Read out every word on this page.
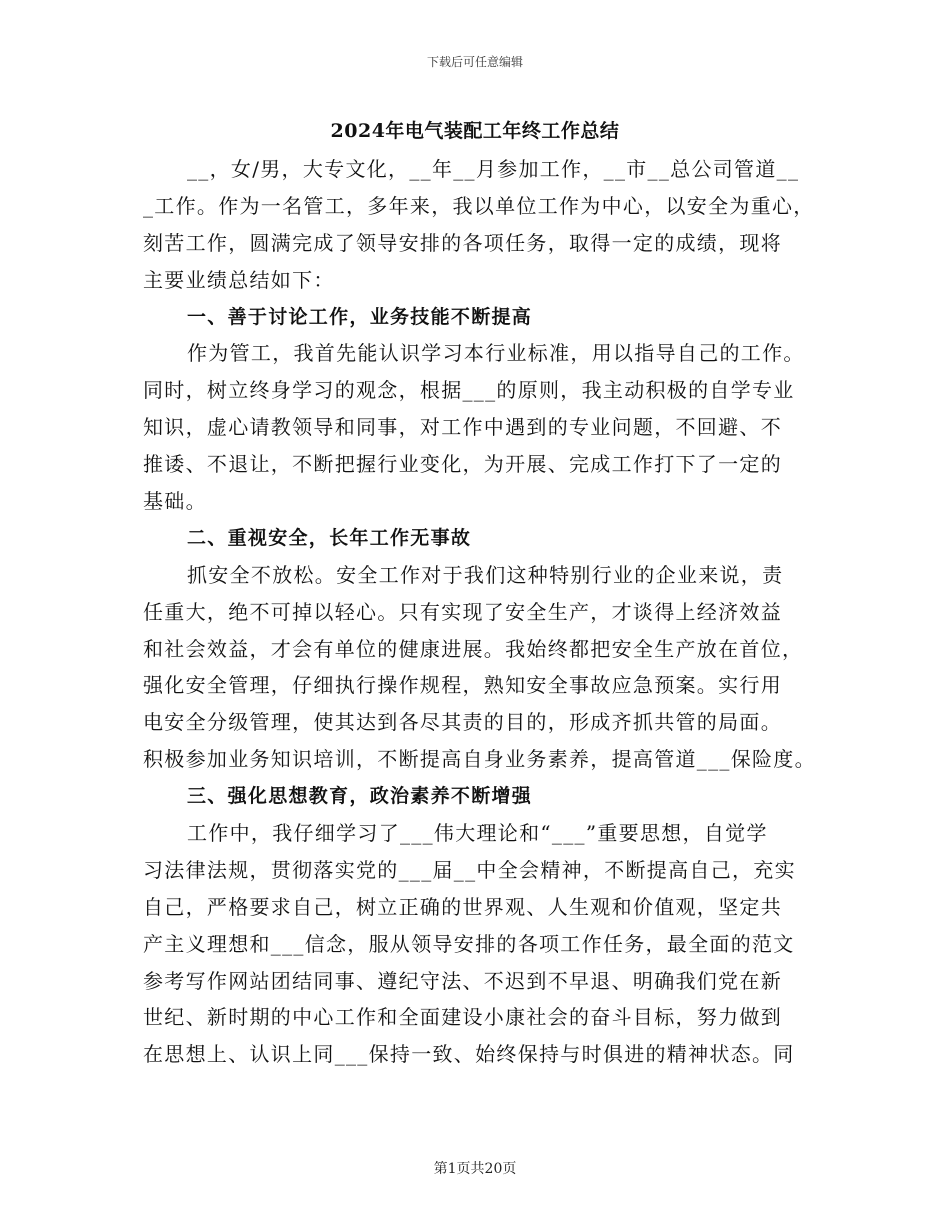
下载后可任意编辑
2024年电气装配工年终工作总结
__，女/男，大专文化，__年__月参加工作，__市__总公司管道__
_工作。作为一名管工，多年来，我以单位工作为中心，以安全为重心，
刻苦工作，圆满完成了领导安排的各项任务，取得一定的成绩，现将
主要业绩总结如下：
一、善于讨论工作，业务技能不断提高
作为管工，我首先能认识学习本行业标准，用以指导自己的工作。
同时，树立终身学习的观念，根据___的原则，我主动积极的自学专业
知识，虚心请教领导和同事，对工作中遇到的专业问题，不回避、不
推诿、不退让，不断把握行业变化，为开展、完成工作打下了一定的
基础。
二、重视安全，长年工作无事故
抓安全不放松。安全工作对于我们这种特别行业的企业来说，责
任重大，绝不可掉以轻心。只有实现了安全生产，才谈得上经济效益
和社会效益，才会有单位的健康进展。我始终都把安全生产放在首位，
强化安全管理，仔细执行操作规程，熟知安全事故应急预案。实行用
电安全分级管理，使其达到各尽其责的目的，形成齐抓共管的局面。
积极参加业务知识培训，不断提高自身业务素养，提高管道___保险度。
三、强化思想教育，政治素养不断增强
工作中，我仔细学习了___伟大理论和“___”重要思想，自觉学
习法律法规，贯彻落实党的___届__中全会精神，不断提高自己，充实
自己，严格要求自己，树立正确的世界观、人生观和价值观，坚定共
产主义理想和___信念，服从领导安排的各项工作任务，最全面的范文
参考写作网站团结同事、遵纪守法、不迟到不早退、明确我们党在新
世纪、新时期的中心工作和全面建设小康社会的奋斗目标，努力做到
在思想上、认识上同___保持一致、始终保持与时俱进的精神状态。同
第1页共20页
